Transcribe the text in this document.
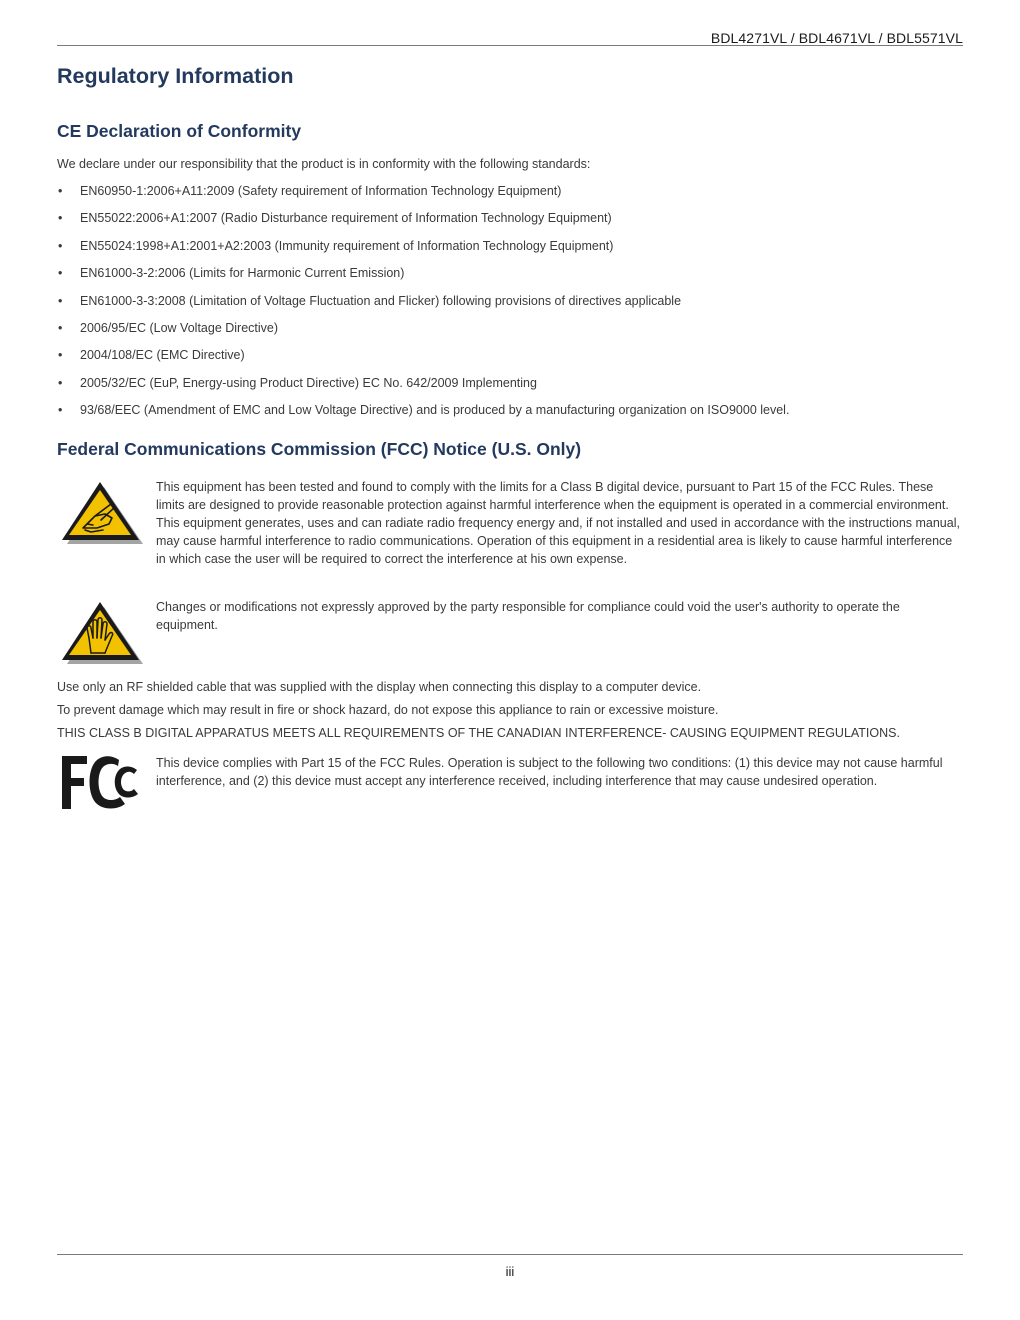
BDL4271VL / BDL4671VL / BDL5571VL
Regulatory Information
CE Declaration of Conformity

We declare under our responsibility that the product is in conformity with the following standards:

• EN60950-1:2006+A11:2009 (Safety requirement of Information Technology Equipment)
• EN55022:2006+A1:2007 (Radio Disturbance requirement of Information Technology Equipment)
• EN55024:1998+A1:2001+A2:2003 (Immunity requirement of Information Technology Equipment)
• EN61000-3-2:2006 (Limits for Harmonic Current Emission)
• EN61000-3-3:2008 (Limitation of Voltage Fluctuation and Flicker) following provisions of directives applicable
• 2006/95/EC (Low Voltage Directive)
• 2004/108/EC (EMC Directive)
• 2005/32/EC (EuP, Energy-using Product Directive) EC No. 642/2009 Implementing
• 93/68/EEC (Amendment of EMC and Low Voltage Directive) and is produced by a manufacturing organization on ISO9000 level.
Federal Communications Commission (FCC) Notice (U.S. Only)

This equipment has been tested and found to comply with the limits for a Class B digital device, pursuant to Part 15 of the FCC Rules. These limits are designed to provide reasonable protection against harmful interference when the equipment is operated in a commercial environment. This equipment generates, uses and can radiate radio frequency energy and, if not installed and used in accordance with the instructions manual, may cause harmful interference to radio communications. Operation of this equipment in a residential area is likely to cause harmful interference in which case the user will be required to correct the interference at his own expense.

Changes or modifications not expressly approved by the party responsible for compliance could void the user's authority to operate the equipment.

Use only an RF shielded cable that was supplied with the display when connecting this display to a computer device.

To prevent damage which may result in fire or shock hazard, do not expose this appliance to rain or excessive moisture.

THIS CLASS B DIGITAL APPARATUS MEETS ALL REQUIREMENTS OF THE CANADIAN INTERFERENCE- CAUSING EQUIPMENT REGULATIONS.

This device complies with Part 15 of the FCC Rules. Operation is subject to the following two conditions: (1) this device may not cause harmful interference, and (2) this device must accept any interference received, including interference that may cause undesired operation.

iii
